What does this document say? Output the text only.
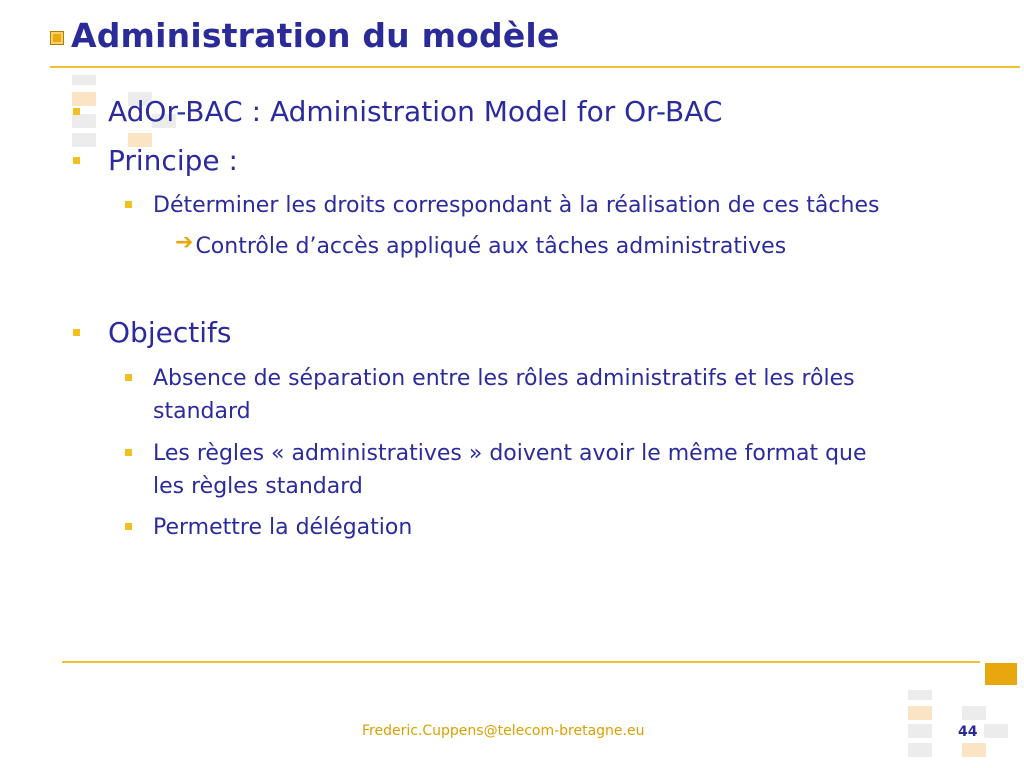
Administration du modèle
AdOr-BAC : Administration Model for Or-BAC
Principe :
Déterminer les droits correspondant à la réalisation de ces tâches
➔ Contrôle d’accès appliqué aux tâches administratives
Objectifs
Absence de séparation entre les rôles administratifs et les rôles
standard
Les règles « administratives » doivent avoir le même format que
les règles standard
Permettre la délégation
Frederic.Cuppens@telecom-bretagne.eu	44
